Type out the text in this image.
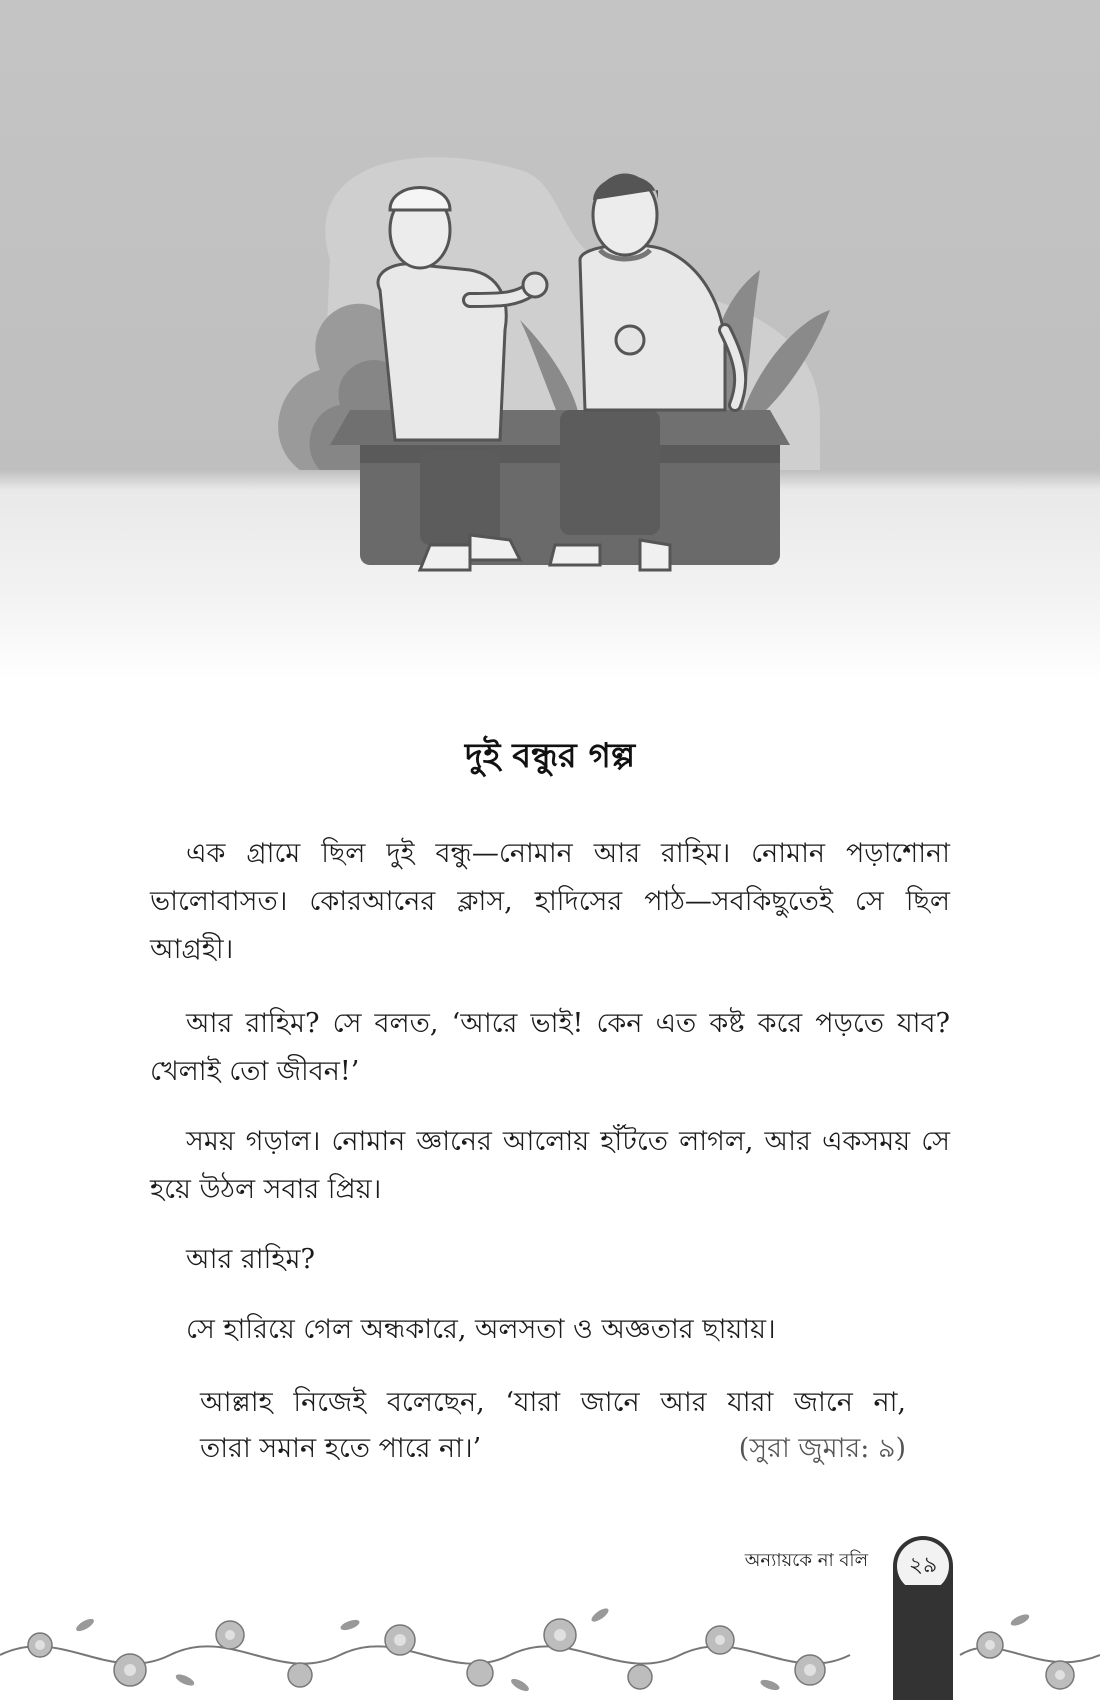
দুই বন্ধুর গল্প

এক গ্রামে ছিল দুই বন্ধু—নোমান আর রাহিম। নোমান পড়াশোনা ভালোবাসত। কোরআনের ক্লাস, হাদিসের পাঠ—সবকিছুতেই সে ছিল আগ্রহী।

আর রাহিম? সে বলত, ‘আরে ভাই! কেন এত কষ্ট করে পড়তে যাব? খেলাই তো জীবন!’

সময় গড়াল। নোমান জ্ঞানের আলোয় হাঁটতে লাগল, আর একসময় সে হয়ে উঠল সবার প্রিয়।

আর রাহিম?

সে হারিয়ে গেল অন্ধকারে, অলসতা ও অজ্ঞতার ছায়ায়।

আল্লাহ নিজেই বলেছেন, ‘যারা জানে আর যারা জানে না,
তারা সমান হতে পারে না।’	(সুরা জুমার: ৯)
অন্যায়কে না বলি	২৯
